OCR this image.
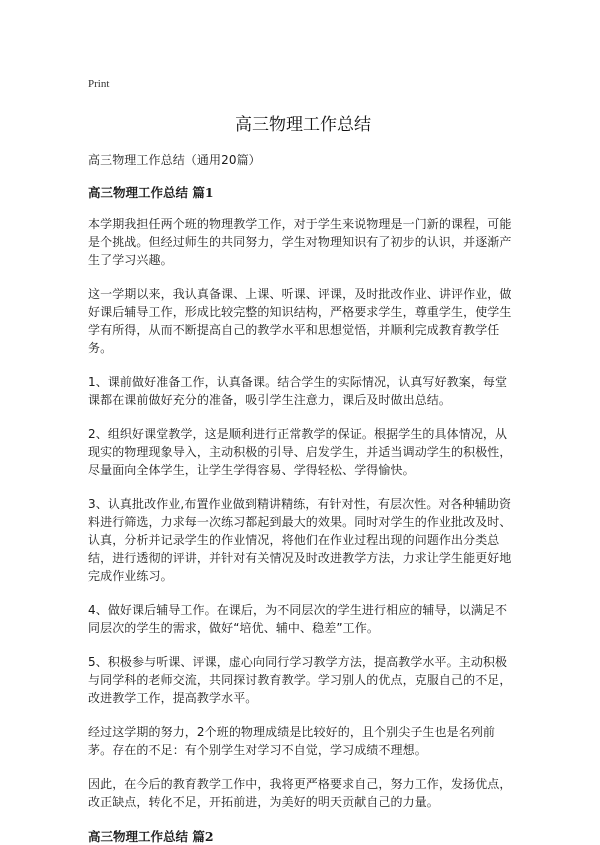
Print
高三物理工作总结

高三物理工作总结（通用20篇）

高三物理工作总结 篇1

本学期我担任两个班的物理教学工作，对于学生来说物理是一门新的课程，可能是个挑战。但经过师生的共同努力，学生对物理知识有了初步的认识，并逐渐产生了学习兴趣。

这一学期以来，我认真备课、上课、听课、评课，及时批改作业、讲评作业，做好课后辅导工作，形成比较完整的知识结构，严格要求学生，尊重学生，使学生学有所得，从而不断提高自己的教学水平和思想觉悟，并顺利完成教育教学任务。

1、课前做好准备工作，认真备课。结合学生的实际情况，认真写好教案，每堂课都在课前做好充分的准备，吸引学生注意力，课后及时做出总结。

2、组织好课堂教学，这是顺利进行正常教学的保证。根据学生的具体情况，从现实的物理现象导入，主动积极的引导、启发学生，并适当调动学生的积极性，尽量面向全体学生，让学生学得容易、学得轻松、学得愉快。

3、认真批改作业,布置作业做到精讲精练，有针对性，有层次性。对各种辅助资料进行筛选，力求每一次练习都起到最大的效果。同时对学生的作业批改及时、认真，分析并记录学生的作业情况，将他们在作业过程出现的问题作出分类总结，进行透彻的评讲，并针对有关情况及时改进教学方法，力求让学生能更好地完成作业练习。

4、做好课后辅导工作。在课后，为不同层次的学生进行相应的辅导，以满足不同层次的学生的需求，做好“培优、辅中、稳差”工作。

5、积极参与听课、评课，虚心向同行学习教学方法，提高教学水平。主动积极与同学科的老师交流，共同探讨教育教学。学习别人的优点，克服自己的不足，改进教学工作，提高教学水平。

经过这学期的努力，2个班的物理成绩是比较好的，且个别尖子生也是名列前茅。存在的不足：有个别学生对学习不自觉，学习成绩不理想。

因此，在今后的教育教学工作中，我将更严格要求自己，努力工作，发扬优点，改正缺点，转化不足，开拓前进，为美好的明天贡献自己的力量。

高三物理工作总结 篇2
